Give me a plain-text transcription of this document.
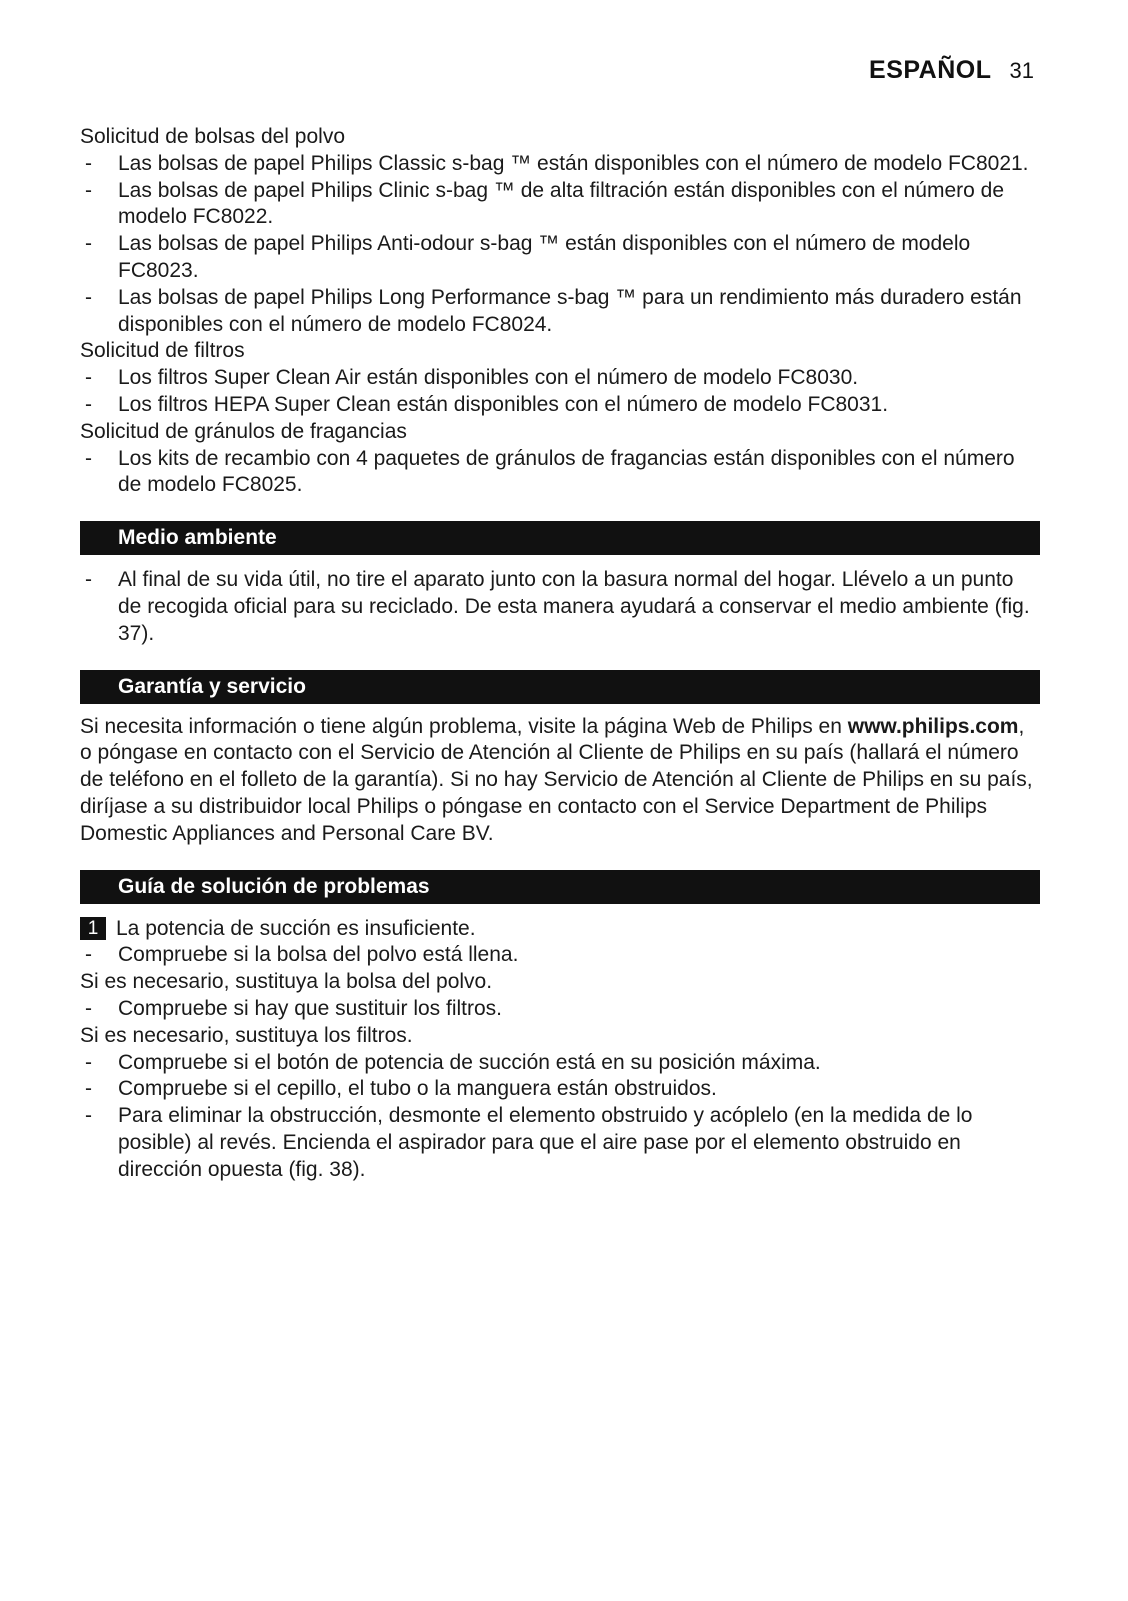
ESPAÑOL 31
Solicitud de bolsas del polvo
-	Las bolsas de papel Philips Classic s-bag ™ están disponibles con el número de modelo FC8021.
-	Las bolsas de papel Philips Clinic s-bag ™ de alta filtración están disponibles con el número de modelo FC8022.
-	Las bolsas de papel Philips Anti-odour s-bag ™ están disponibles con el número de modelo FC8023.
-	Las bolsas de papel Philips Long Performance s-bag ™ para un rendimiento más duradero están disponibles con el número de modelo FC8024.
Solicitud de filtros
-	Los filtros Super Clean Air están disponibles con el número de modelo FC8030.
-	Los filtros HEPA Super Clean están disponibles con el número de modelo FC8031.
Solicitud de gránulos de fragancias
-	Los kits de recambio con 4 paquetes de gránulos de fragancias están disponibles con el número de modelo FC8025.
Medio ambiente
-	Al final de su vida útil, no tire el aparato junto con la basura normal del hogar. Llévelo a un punto de recogida oficial para su reciclado. De esta manera ayudará a conservar el medio ambiente (fig. 37).
Garantía y servicio
Si necesita información o tiene algún problema, visite la página Web de Philips en www.philips.com, o póngase en contacto con el Servicio de Atención al Cliente de Philips en su país (hallará el número de teléfono en el folleto de la garantía). Si no hay Servicio de Atención al Cliente de Philips en su país, diríjase a su distribuidor local Philips o póngase en contacto con el Service Department de Philips Domestic Appliances and Personal Care BV.
Guía de solución de problemas
1 La potencia de succión es insuficiente.
-	Compruebe si la bolsa del polvo está llena.
Si es necesario, sustituya la bolsa del polvo.
-	Compruebe si hay que sustituir los filtros.
Si es necesario, sustituya los filtros.
-	Compruebe si el botón de potencia de succión está en su posición máxima.
-	Compruebe si el cepillo, el tubo o la manguera están obstruidos.
-	Para eliminar la obstrucción, desmonte el elemento obstruido y acóplelo (en la medida de lo posible) al revés. Encienda el aspirador para que el aire pase por el elemento obstruido en dirección opuesta (fig. 38).
